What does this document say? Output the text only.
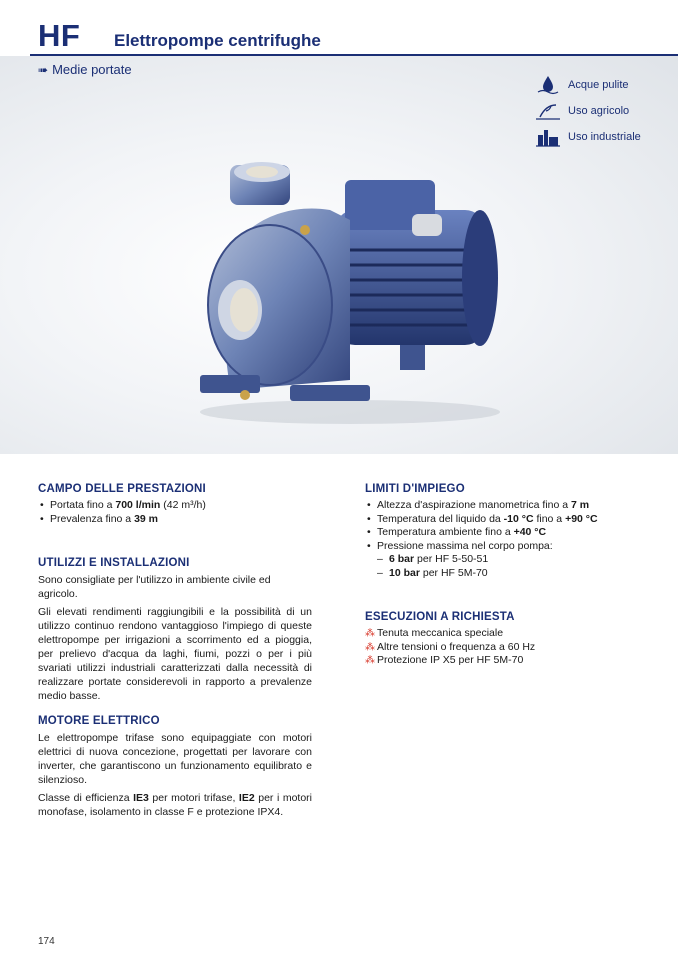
HF Elettropompe centrifughe
➠ Medie portate
Acque pulite
Uso agricolo
Uso industriale
CAMPO DELLE PRESTAZIONI
• Portata fino a 700 l/min (42 m³/h)
• Prevalenza fino a 39 m
UTILIZZI E INSTALLAZIONI

Sono consigliate per l'utilizzo in ambiente civile ed agricolo.

Gli elevati rendimenti raggiungibili e la possibilità di un utilizzo continuo rendono vantaggioso l'impiego di queste elettropompe per irrigazioni a scorrimento ed a pioggia, per prelievo d'acqua da laghi, fiumi, pozzi o per i più svariati utilizzi industriali caratterizzati dalla necessità di realizzare portate considerevoli in rapporto a prevalenze medio basse.

MOTORE ELETTRICO

Le elettropompe trifase sono equipaggiate con motori elettrici di nuova concezione, progettati per lavorare con inverter, che garantiscono un funzionamento equilibrato e silenzioso.

Classe di efficienza IE3 per motori trifase, IE2 per i motori monofase, isolamento in classe F e protezione IPX4.

LIMITI D'IMPIEGO
• Altezza d'aspirazione manometrica fino a 7 m
• Temperatura del liquido da -10 °C fino a +90 °C
• Temperatura ambiente fino a +40 °C
• Pressione massima nel corpo pompa:
– 6 bar per HF 5-50-51
– 10 bar per HF 5M-70
ESECUZIONI A RICHIESTA
⁂ Tenuta meccanica speciale
⁂ Altre tensioni o frequenza a 60 Hz
⁂ Protezione IP X5 per HF 5M-70
174
